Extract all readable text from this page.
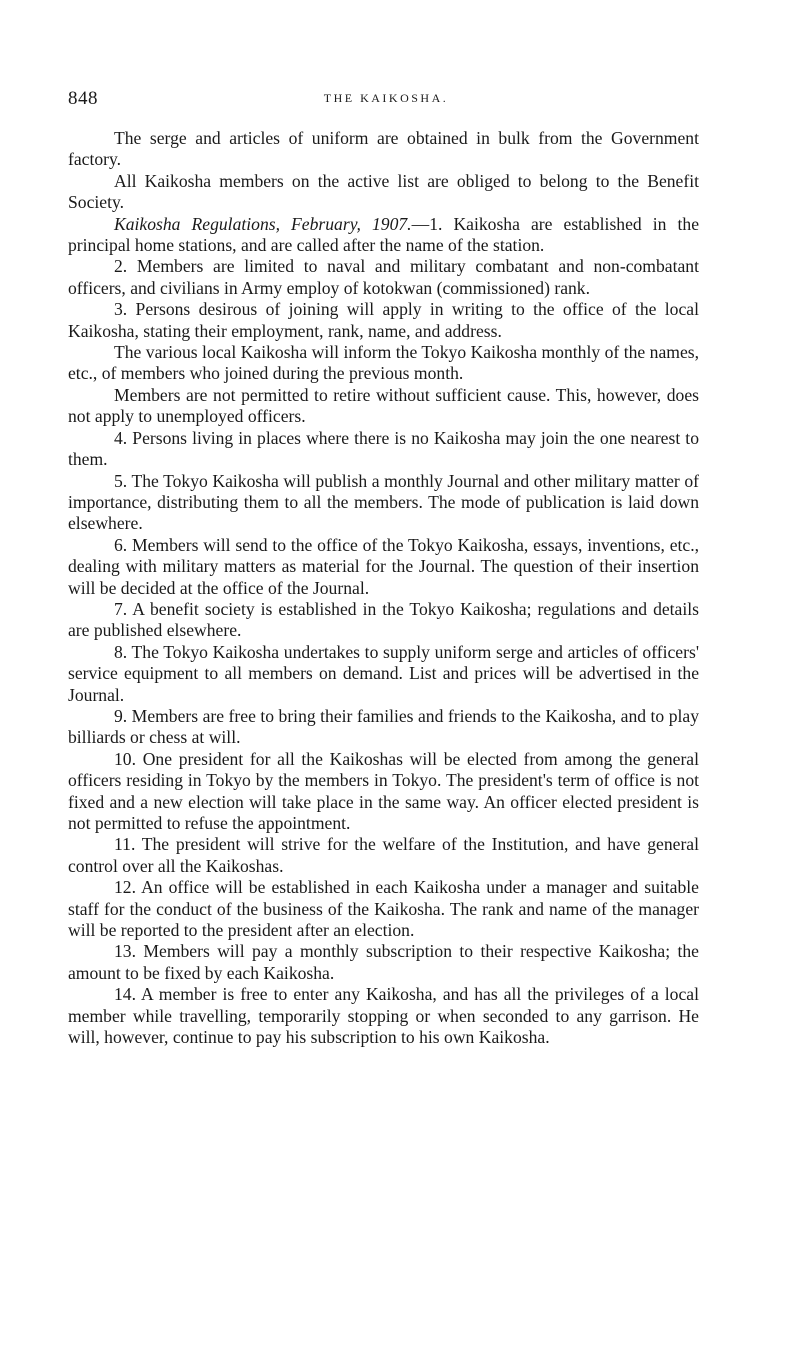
848	THE KAIKOSHA.

The serge and articles of uniform are obtained in bulk from the Government factory.

All Kaikosha members on the active list are obliged to belong to the Benefit Society.

Kaikosha Regulations, February, 1907.—1. Kaikosha are established in the principal home stations, and are called after the name of the station.

2. Members are limited to naval and military combatant and non-combatant officers, and civilians in Army employ of kotokwan (commissioned) rank.

3. Persons desirous of joining will apply in writing to the office of the local Kaikosha, stating their employment, rank, name, and address.

The various local Kaikosha will inform the Tokyo Kaikosha monthly of the names, etc., of members who joined during the previous month.

Members are not permitted to retire without sufficient cause. This, however, does not apply to unemployed officers.

4. Persons living in places where there is no Kaikosha may join the one nearest to them.

5. The Tokyo Kaikosha will publish a monthly Journal and other military matter of importance, distributing them to all the members. The mode of publication is laid down elsewhere.

6. Members will send to the office of the Tokyo Kaikosha, essays, inventions, etc., dealing with military matters as material for the Journal. The question of their insertion will be decided at the office of the Journal.

7. A benefit society is established in the Tokyo Kaikosha; regulations and details are published elsewhere.

8. The Tokyo Kaikosha undertakes to supply uniform serge and articles of officers' service equipment to all members on demand. List and prices will be advertised in the Journal.

9. Members are free to bring their families and friends to the Kaikosha, and to play billiards or chess at will.

10. One president for all the Kaikoshas will be elected from among the general officers residing in Tokyo by the members in Tokyo. The president's term of office is not fixed and a new election will take place in the same way. An officer elected president is not permitted to refuse the appointment.

11. The president will strive for the welfare of the Institution, and have general control over all the Kaikoshas.

12. An office will be established in each Kaikosha under a manager and suitable staff for the conduct of the business of the Kaikosha. The rank and name of the manager will be reported to the president after an election.

13. Members will pay a monthly subscription to their respective Kaikosha; the amount to be fixed by each Kaikosha.

14. A member is free to enter any Kaikosha, and has all the privileges of a local member while travelling, temporarily stopping or when seconded to any garrison. He will, however, continue to pay his subscription to his own Kaikosha.
